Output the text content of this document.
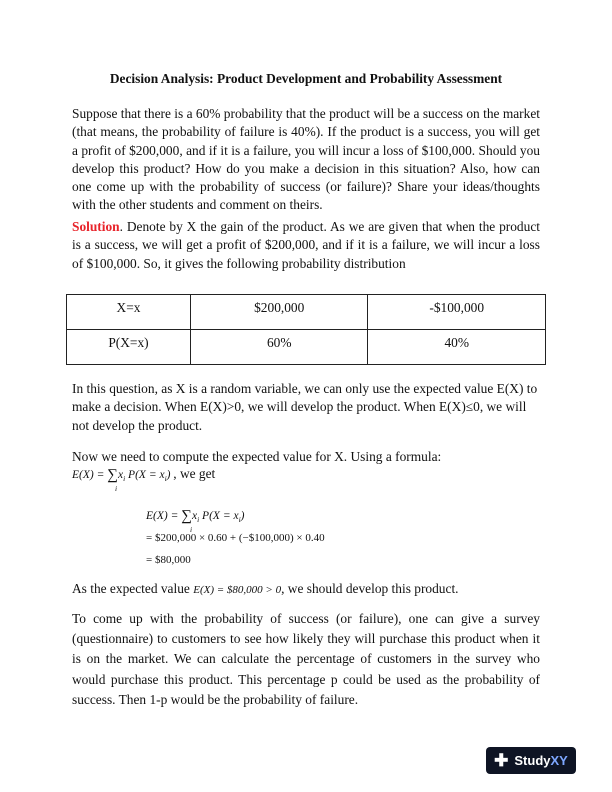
Decision Analysis: Product Development and Probability Assessment

Suppose that there is a 60% probability that the product will be a success on the market (that means, the probability of failure is 40%). If the product is a success, you will get a profit of $200,000, and if it is a failure, you will incur a loss of $100,000. Should you develop this product? How do you make a decision in this situation? Also, how can one come up with the probability of success (or failure)? Share your ideas/thoughts with the other students and comment on theirs.

Solution. Denote by X the gain of the product. As we are given that when the product is a success, we will get a profit of $200,000, and if it is a failure, we will incur a loss of $100,000. So, it gives the following probability distribution

X=x	$200,000	-$100,000
P(X=x)	60%	40%

In this question, as X is a random variable, we can only use the expected value E(X) to make a decision. When E(X)>0, we will develop the product. When E(X)≤0, we will not develop the product.

Now we need to compute the expected value for X. Using a formula:

$E(X) = \sum x_i$ $P(X = x_i)$ , we get
i
$E(X) = \sum x_i$ $P(X = x_i)$
i
= $200,000 × 0.60 + (−$100,000) × 0.40
= $80,000
As the expected value E(X) = $80,000 > 0, we should develop this product.

To come up with the probability of success (or failure), one can give a survey (questionnaire) to customers to see how likely they will purchase this product when it is on the market. We can calculate the percentage of customers in the survey who would purchase this product. This percentage p could be used as the probability of success. Then 1-p would be the probability of failure.

✚ StudyXY
